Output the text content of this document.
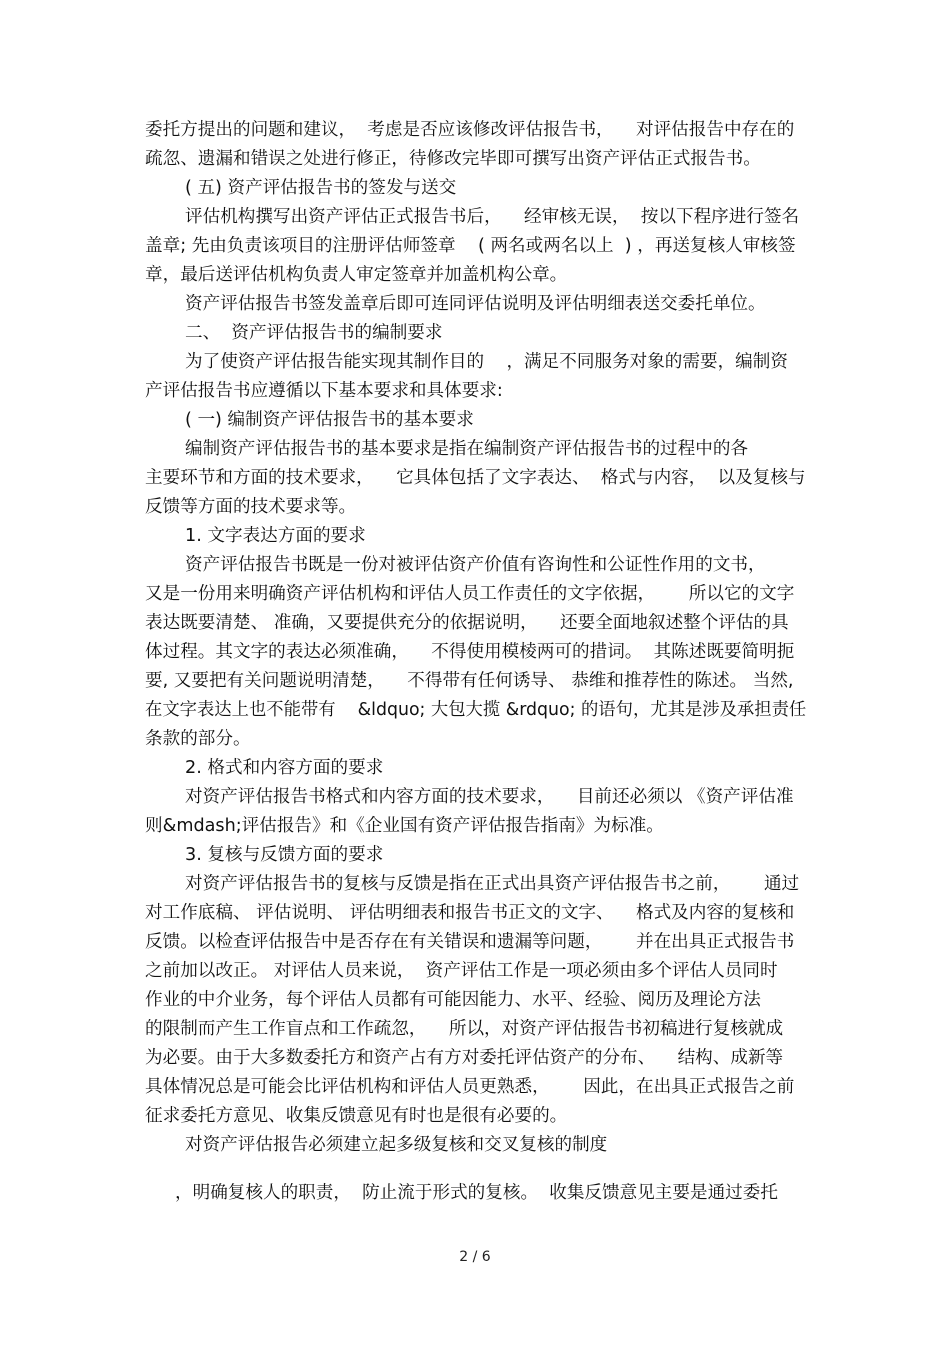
委托方提出的问题和建议，  考虑是否应该修改评估报告书，    对评估报告中存在的
疏忽、遗漏和错误之处进行修正，待修改完毕即可撰写出资产评估正式报告书。
( 五) 资产评估报告书的签发与送交
评估机构撰写出资产评估正式报告书后，    经审核无误，  按以下程序进行签名
盖章; 先由负责该项目的注册评估师签章    ( 两名或两名以上  ) ，再送复核人审核签
章，最后送评估机构负责人审定签章并加盖机构公章。
资产评估报告书签发盖章后即可连同评估说明及评估明细表送交委托单位。
二、  资产评估报告书的编制要求
为了使资产评估报告能实现其制作目的    ，满足不同服务对象的需要，编制资
产评估报告书应遵循以下基本要求和具体要求:
( 一) 编制资产评估报告书的基本要求
编制资产评估报告书的基本要求是指在编制资产评估报告书的过程中的各
主要环节和方面的技术要求，    它具体包括了文字表达、  格式与内容，  以及复核与
反馈等方面的技术要求等。
1. 文字表达方面的要求
资产评估报告书既是一份对被评估资产价值有咨询性和公证性作用的文书，
又是一份用来明确资产评估机构和评估人员工作责任的文字依据，      所以它的文字
表达既要清楚、 准确，又要提供充分的依据说明，    还要全面地叙述整个评估的具
体过程。其文字的表达必须准确，    不得使用模棱两可的措词。  其陈述既要简明扼
要, 又要把有关问题说明清楚，    不得带有任何诱导、 恭维和推荐性的陈述。 当然,
在文字表达上也不能带有    &ldquo; 大包大揽 &rdquo; 的语句，尤其是涉及承担责任
条款的部分。
2. 格式和内容方面的要求
对资产评估报告书格式和内容方面的技术要求，    目前还必须以 《资产评估准
则&mdash;评估报告》和《企业国有资产评估报告指南》为标准。
3. 复核与反馈方面的要求
对资产评估报告书的复核与反馈是指在正式出具资产评估报告书之前，      通过
对工作底稿、 评估说明、 评估明细表和报告书正文的文字、    格式及内容的复核和
反馈。以检查评估报告中是否存在有关错误和遗漏等问题，      并在出具正式报告书
之前加以改正。 对评估人员来说，  资产评估工作是一项必须由多个评估人员同时
作业的中介业务，每个评估人员都有可能因能力、水平、经验、阅历及理论方法
的限制而产生工作盲点和工作疏忽，    所以，对资产评估报告书初稿进行复核就成
为必要。由于大多数委托方和资产占有方对委托评估资产的分布、    结构、成新等
具体情况总是可能会比评估机构和评估人员更熟悉，      因此，在出具正式报告之前
征求委托方意见、收集反馈意见有时也是很有必要的。
对资产评估报告必须建立起多级复核和交叉复核的制度
，明确复核人的职责，  防止流于形式的复核。  收集反馈意见主要是通过委托
2 / 6
